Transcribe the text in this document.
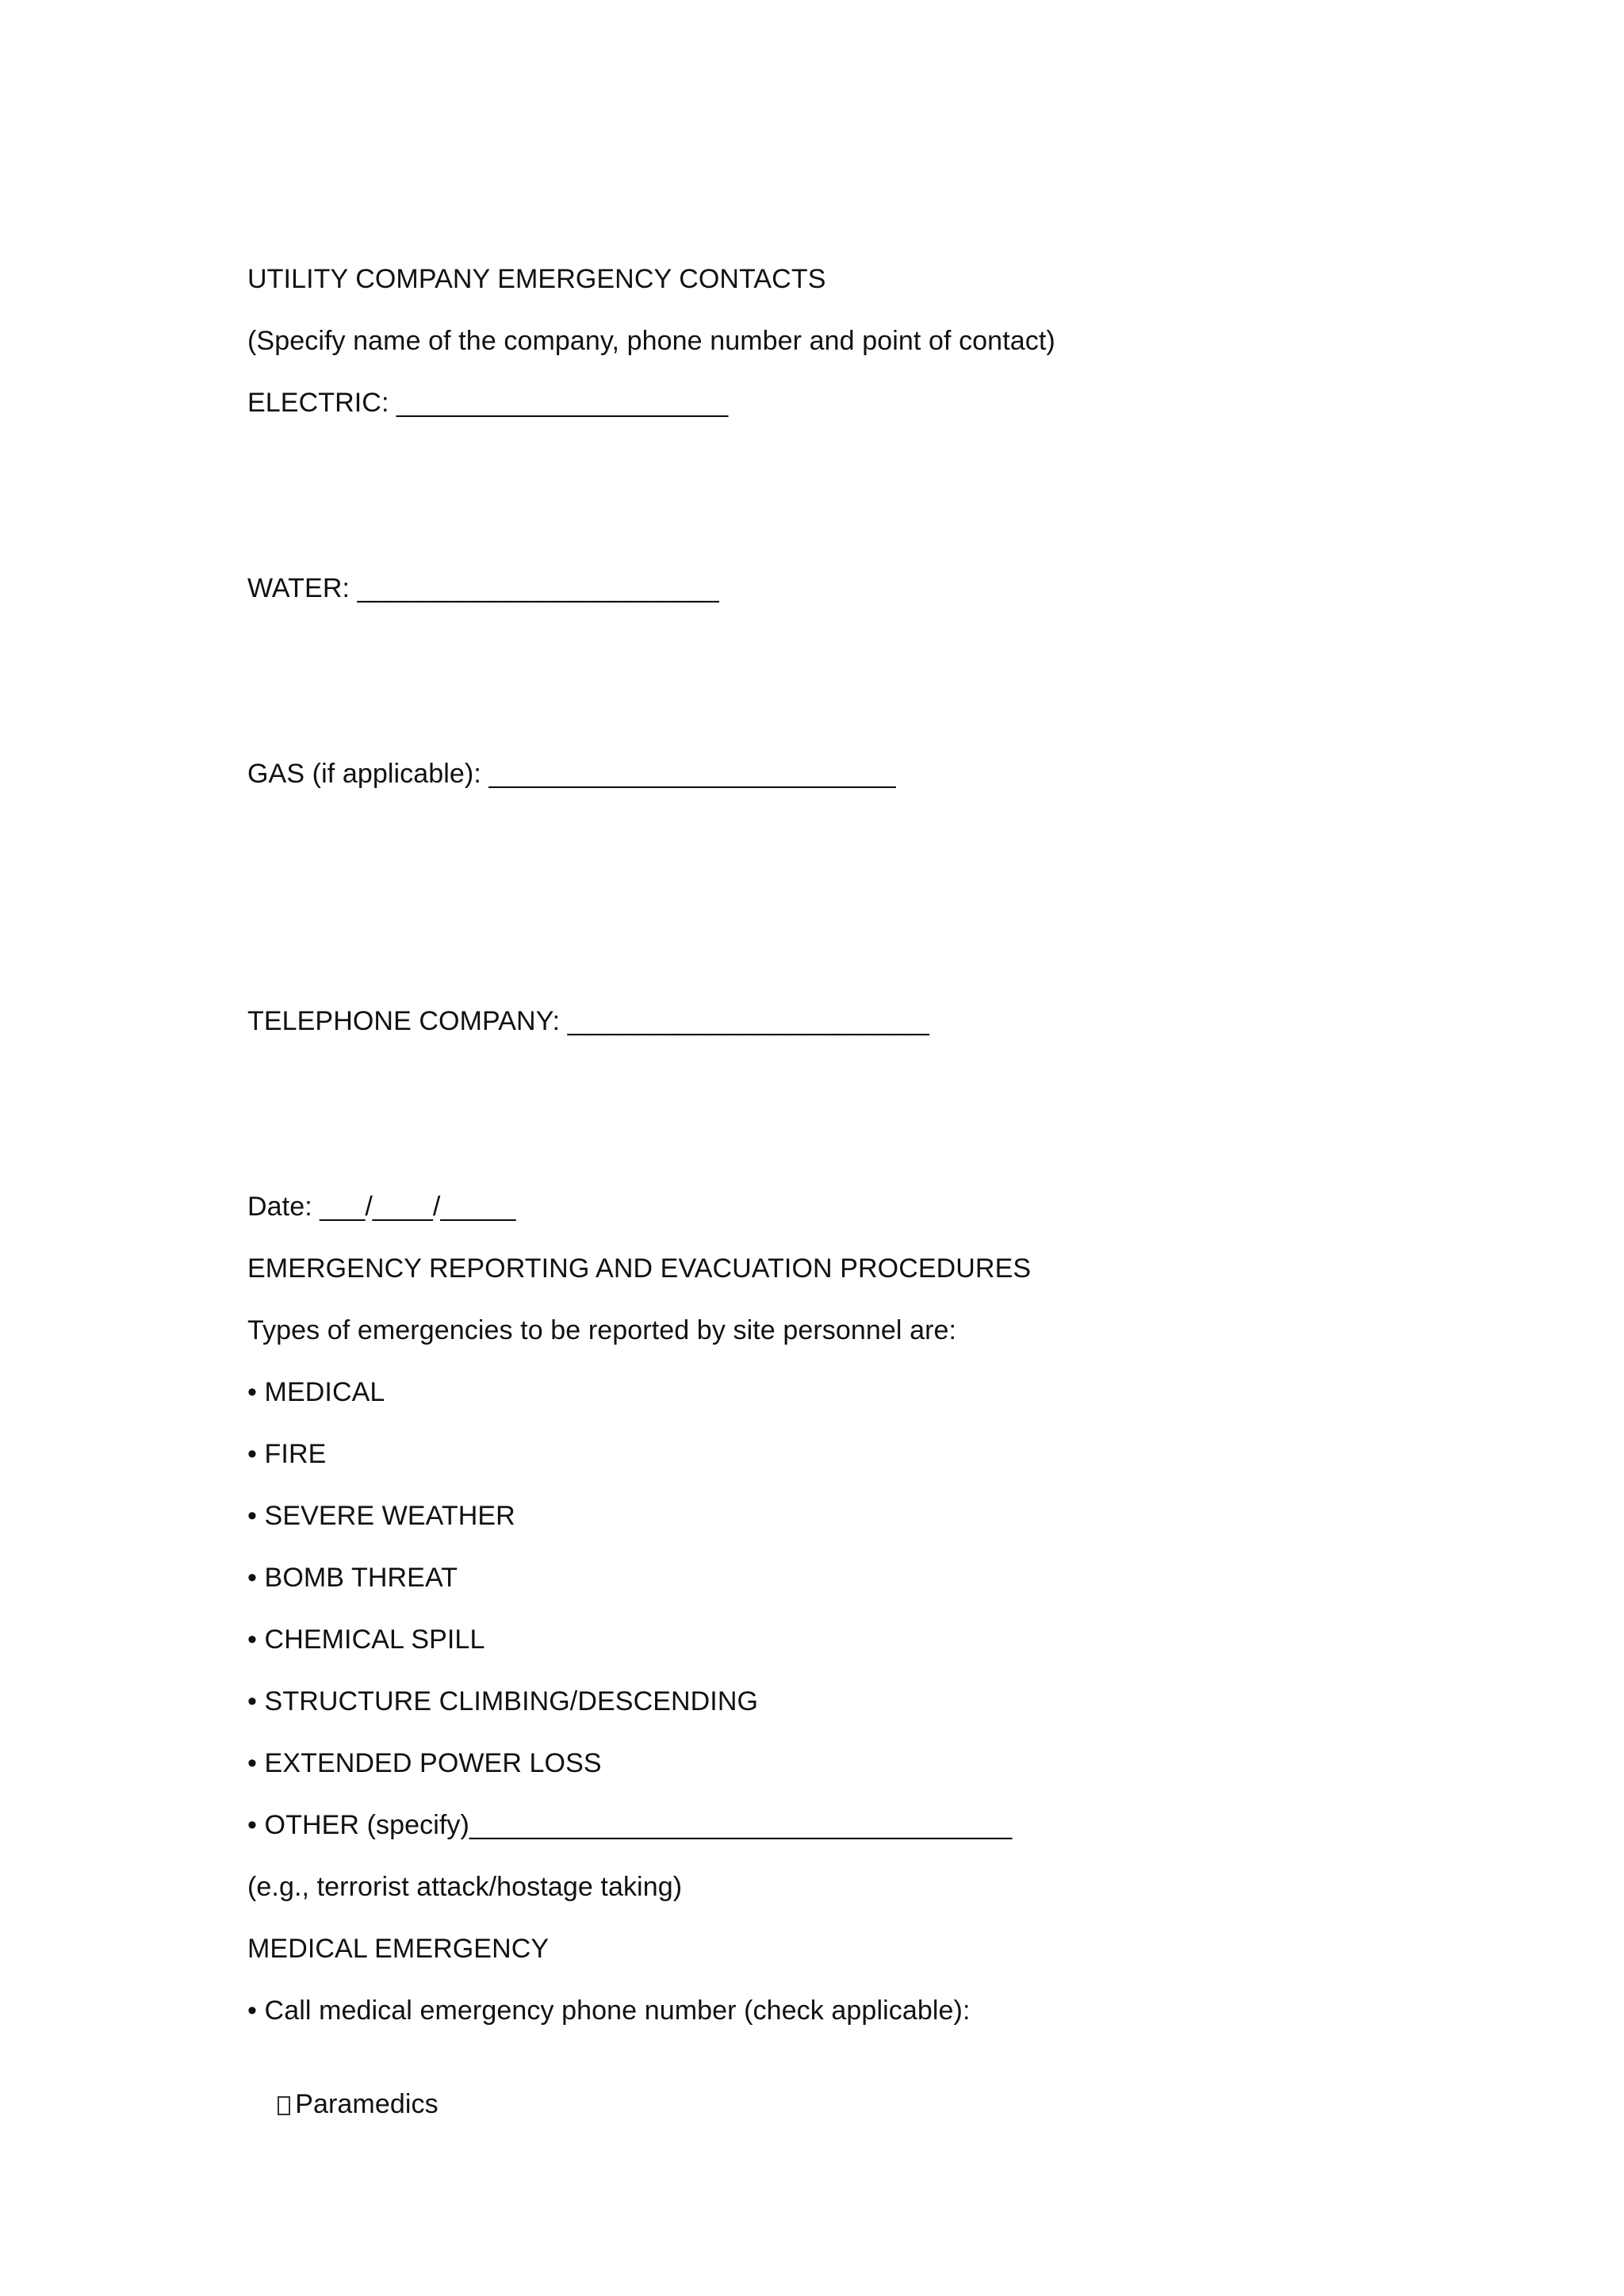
UTILITY COMPANY EMERGENCY CONTACTS
(Specify name of the company, phone number and point of contact)
ELECTRIC: ______________________
WATER: ________________________
GAS (if applicable): ___________________________
TELEPHONE COMPANY: ________________________
Date: ___/____/_____
EMERGENCY REPORTING AND EVACUATION PROCEDURES
Types of emergencies to be reported by site personnel are:
• MEDICAL
• FIRE
• SEVERE WEATHER
• BOMB THREAT
• CHEMICAL SPILL
• STRUCTURE CLIMBING/DESCENDING
• EXTENDED POWER LOSS
• OTHER (specify)____________________________________
(e.g., terrorist attack/hostage taking)
MEDICAL EMERGENCY
• Call medical emergency phone number (check applicable):

Paramedics
